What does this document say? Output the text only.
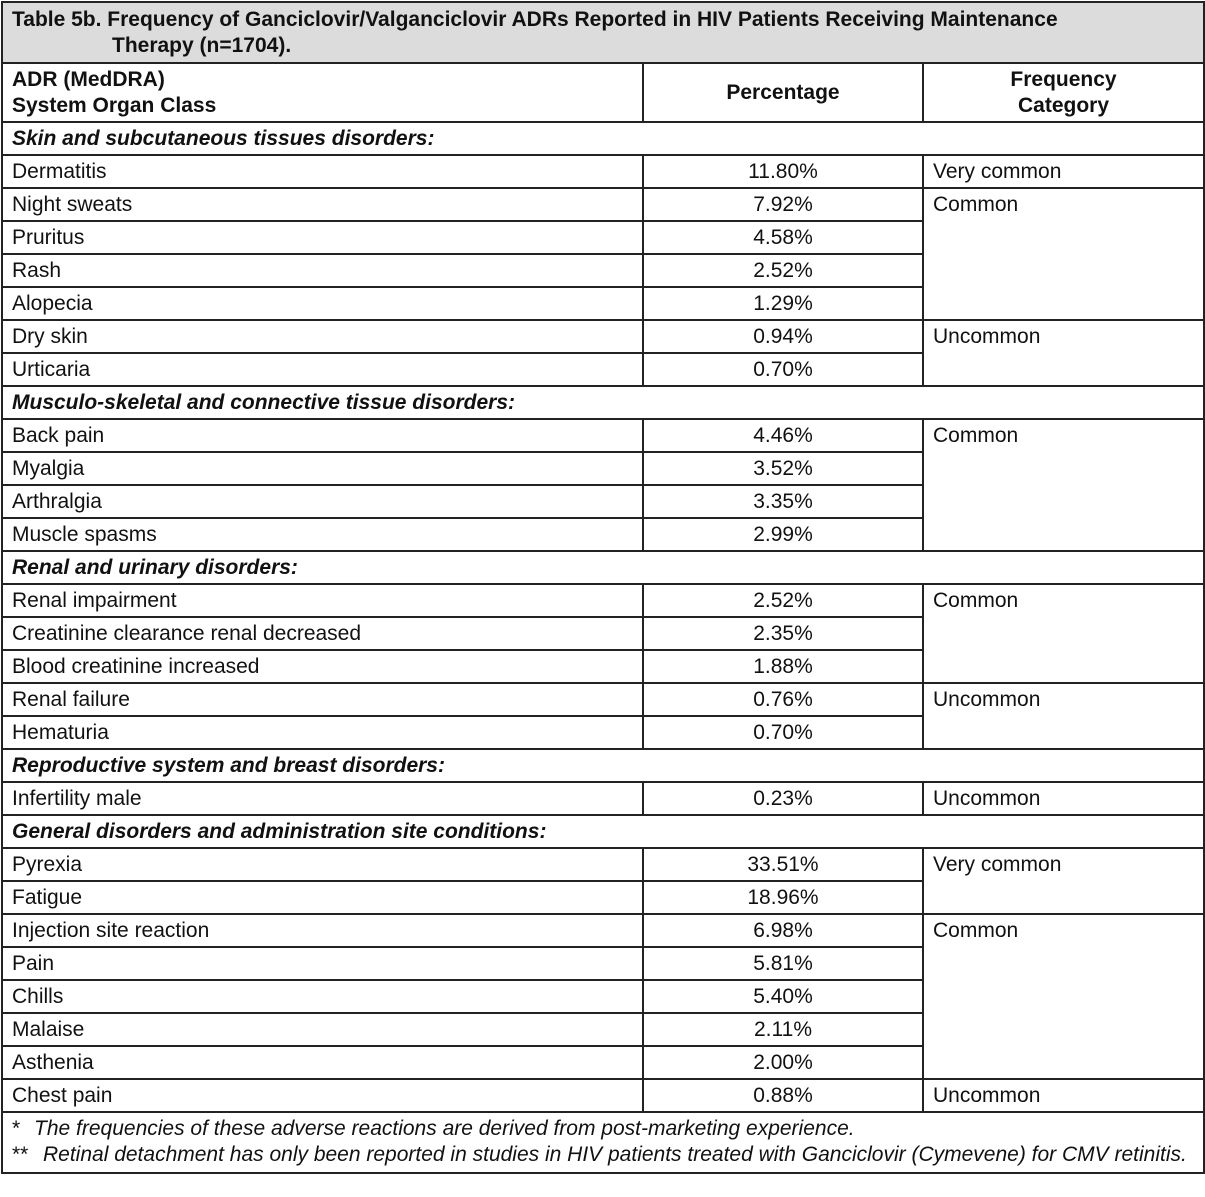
Table 5b. Frequency of Ganciclovir/Valganciclovir ADRs Reported in HIV Patients Receiving Maintenance
Therapy (n=1704).		

ADR (MedDRA)
System Organ Class	Percentage	Frequency
Category
Skin and subcutaneous tissues disorders:		
Dermatitis	11.80%	Very common
Night sweats	7.92%	Common
Pruritus	4.58%	
Rash	2.52%	
Alopecia	1.29%	
Dry skin	0.94%	Uncommon
Urticaria	0.70%	
Musculo-skeletal and connective tissue disorders:		
Back pain	4.46%	Common
Myalgia	3.52%	
Arthralgia	3.35%	
Muscle spasms	2.99%	
Renal and urinary disorders:		
Renal impairment	2.52%	Common
Creatinine clearance renal decreased	2.35%	
Blood creatinine increased	1.88%	
Renal failure	0.76%	Uncommon
Hematuria	0.70%	
Reproductive system and breast disorders:		
Infertility male	0.23%	Uncommon
General disorders and administration site conditions:		
Pyrexia	33.51%	Very common
Fatigue	18.96%	
Injection site reaction	6.98%	Common
Pain	5.81%	
Chills	5.40%	
Malaise	2.11%	
Asthenia	2.00%	
Chest pain	0.88%	Uncommon

* The frequencies of these adverse reactions are derived from post-marketing experience.
** Retinal detachment has only been reported in studies in HIV patients treated with Ganciclovir (Cymevene) for CMV retinitis.		
